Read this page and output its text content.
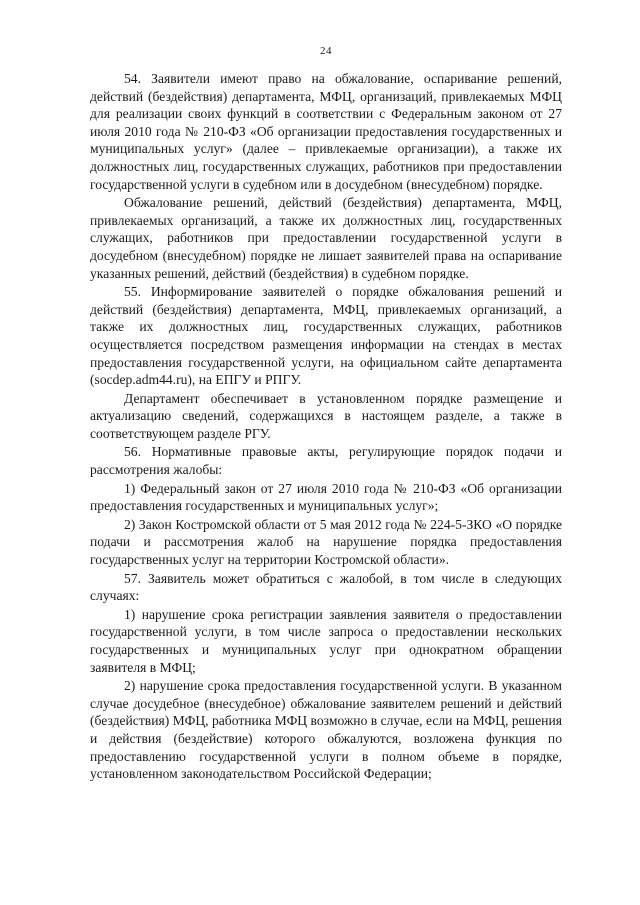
24

54. Заявители имеют право на обжалование, оспаривание решений, действий (бездействия) департамента, МФЦ, организаций, привлекаемых МФЦ для реализации своих функций в соответствии с Федеральным законом от 27 июля 2010 года № 210-ФЗ «Об организации предоставления государственных и муниципальных услуг» (далее – привлекаемые организации), а также их должностных лиц, государственных служащих, работников при предоставлении государственной услуги в судебном или в досудебном (внесудебном) порядке.

Обжалование решений, действий (бездействия) департамента, МФЦ, привлекаемых организаций, а также их должностных лиц, государственных служащих, работников при предоставлении государственной услуги в досудебном (внесудебном) порядке не лишает заявителей права на оспаривание указанных решений, действий (бездействия) в судебном порядке.

55. Информирование заявителей о порядке обжалования решений и действий (бездействия) департамента, МФЦ, привлекаемых организаций, а также их должностных лиц, государственных служащих, работников осуществляется посредством размещения информации на стендах в местах предоставления государственной услуги, на официальном сайте департамента (socdep.adm44.ru), на ЕПГУ и РПГУ.

Департамент обеспечивает в установленном порядке размещение и актуализацию сведений, содержащихся в настоящем разделе, а также в соответствующем разделе РГУ.

56. Нормативные правовые акты, регулирующие порядок подачи и рассмотрения жалобы:

1) Федеральный закон от 27 июля 2010 года № 210-ФЗ «Об организации предоставления государственных и муниципальных услуг»;

2) Закон Костромской области от 5 мая 2012 года № 224-5-ЗКО «О порядке подачи и рассмотрения жалоб на нарушение порядка предоставления государственных услуг на территории Костромской области».

57. Заявитель может обратиться с жалобой, в том числе в следующих случаях:

1) нарушение срока регистрации заявления заявителя о предоставлении государственной услуги, в том числе запроса о предоставлении нескольких государственных и муниципальных услуг при однократном обращении заявителя в МФЦ;

2) нарушение срока предоставления государственной услуги. В указанном случае досудебное (внесудебное) обжалование заявителем решений и действий (бездействия) МФЦ, работника МФЦ возможно в случае, если на МФЦ, решения и действия (бездействие) которого обжалуются, возложена функция по предоставлению государственной услуги в полном объеме в порядке, установленном законодательством Российской Федерации;
